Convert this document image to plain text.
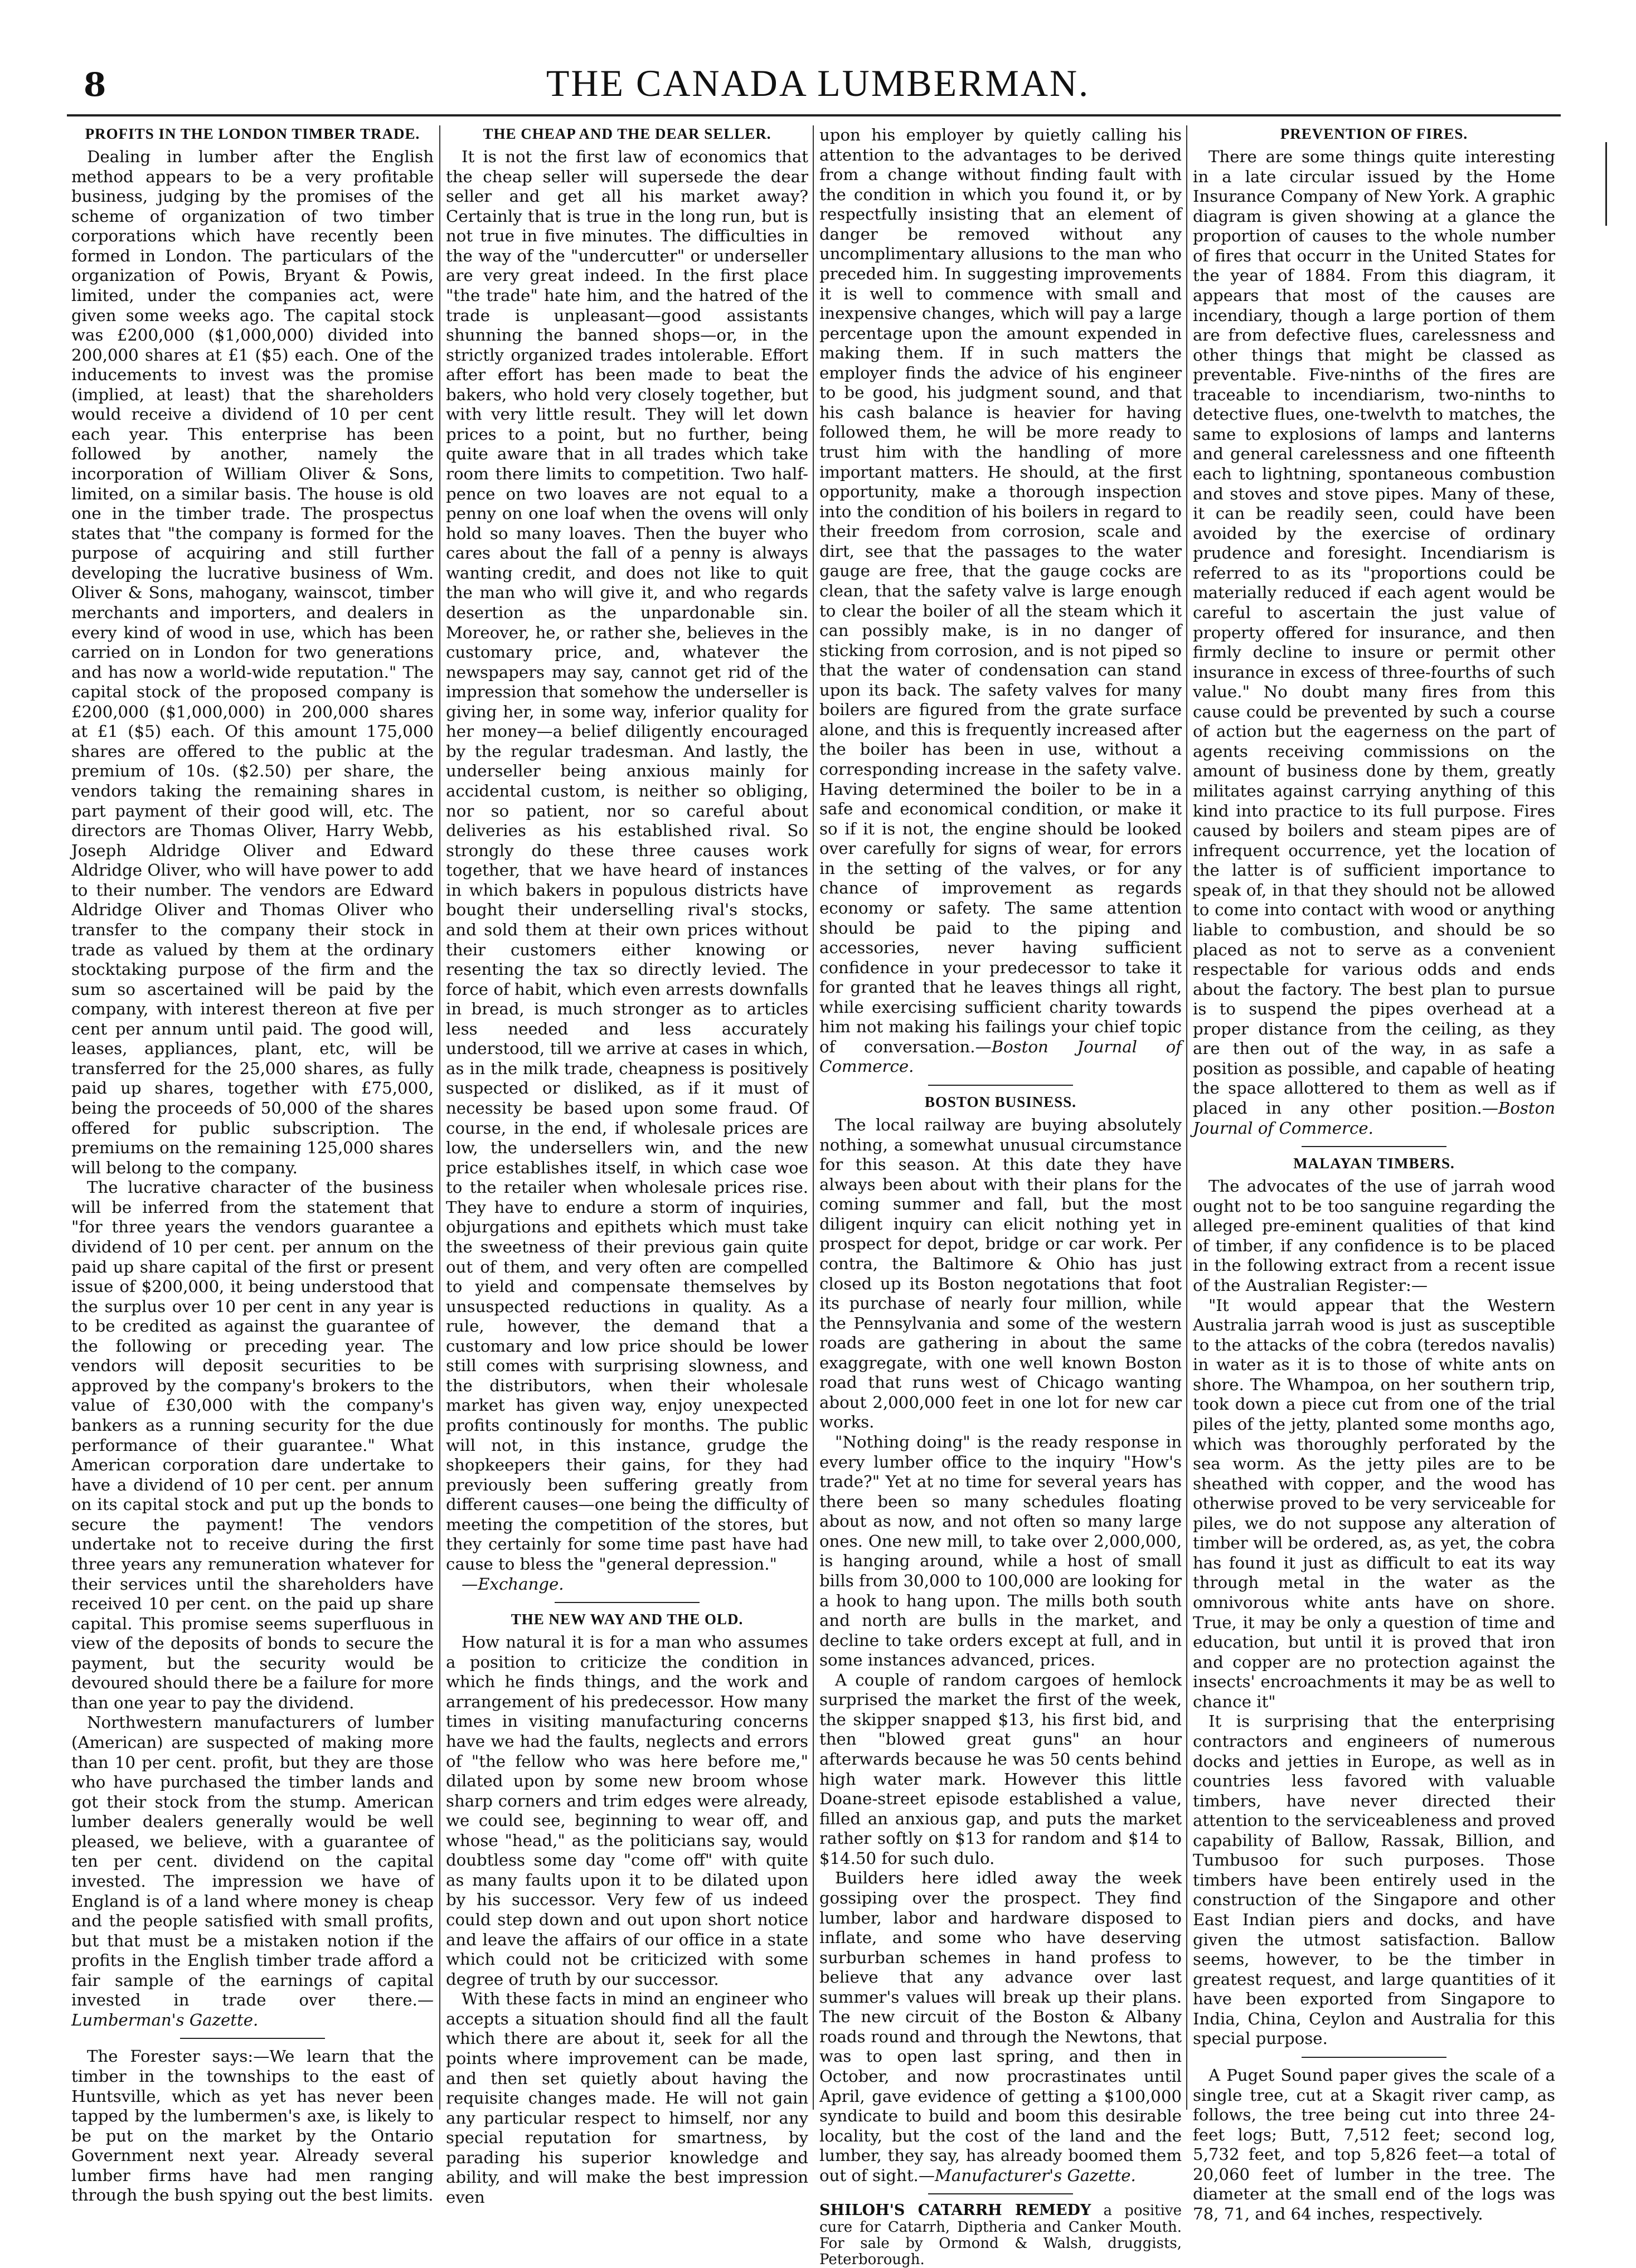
8	THE CANADA LUMBERMAN.
PROFITS IN THE LONDON TIMBER TRADE.

Dealing in lumber after the English method appears to be a very profitable business, judging by the promises of the scheme of organization of two timber corporations which have recently been formed in London. The particulars of the organization of Powis, Bryant & Powis, limited, under the companies act, were given some weeks ago. The capital stock was £200,000 ($1,000,000) divided into 200,000 shares at £1 ($5) each. One of the inducements to invest was the promise (implied, at least) that the shareholders would receive a dividend of 10 per cent each year. This enterprise has been followed by another, namely the incorporation of William Oliver & Sons, limited, on a similar basis. The house is old one in the timber trade. The prospectus states that "the company is formed for the purpose of acquiring and still further developing the lucrative business of Wm. Oliver & Sons, mahogany, wainscot, timber merchants and importers, and dealers in every kind of wood in use, which has been carried on in London for two generations and has now a world-wide reputation." The capital stock of the proposed company is £200,000 ($1,000,000) in 200,000 shares at £1 ($5) each. Of this amount 175,000 shares are offered to the public at the premium of 10s. ($2.50) per share, the vendors taking the remaining shares in part payment of their good will, etc. The directors are Thomas Oliver, Harry Webb, Joseph Aldridge Oliver and Edward Aldridge Oliver, who will have power to add to their number. The vendors are Edward Aldridge Oliver and Thomas Oliver who transfer to the company their stock in trade as valued by them at the ordinary stocktaking purpose of the firm and the sum so ascertained will be paid by the company, with interest thereon at five per cent per annum until paid. The good will, leases, appliances, plant, etc, will be transferred for the 25,000 shares, as fully paid up shares, together with £75,000, being the proceeds of 50,000 of the shares offered for public subscription. The premiums on the remaining 125,000 shares will belong to the company.

The lucrative character of the business will be inferred from the statement that "for three years the vendors guarantee a dividend of 10 per cent. per annum on the paid up share capital of the first or present issue of $200,000, it being understood that the surplus over 10 per cent in any year is to be credited as against the guarantee of the following or preceding year. The vendors will deposit securities to be approved by the company's brokers to the value of £30,000 with the company's bankers as a running security for the due performance of their guarantee." What American corporation dare undertake to have a dividend of 10 per cent. per annum on its capital stock and put up the bonds to secure the payment! The vendors undertake not to receive during the first three years any remuneration whatever for their services until the shareholders have received 10 per cent. on the paid up share capital. This promise seems superfluous in view of the deposits of bonds to secure the payment, but the security would be devoured should there be a failure for more than one year to pay the dividend.

Northwestern manufacturers of lumber (American) are suspected of making more than 10 per cent. profit, but they are those who have purchased the timber lands and got their stock from the stump. American lumber dealers generally would be well pleased, we believe, with a guarantee of ten per cent. dividend on the capital invested. The impression we have of England is of a land where money is cheap and the people satisfied with small profits, but that must be a mistaken notion if the profits in the English timber trade afford a fair sample of the earnings of capital invested in trade over there.—Lumberman's Gazette.

The Forester says:—We learn that the timber in the townships to the east of Huntsville, which as yet has never been tapped by the lumbermen's axe, is likely to be put on the market by the Ontario Government next year. Already several lumber firms have had men ranging through the bush spying out the best limits.

THE CHEAP AND THE DEAR SELLER.

It is not the first law of economics that the cheap seller will supersede the dear seller and get all his market away? Certainly that is true in the long run, but is not true in five minutes. The difficulties in the way of the "undercutter" or underseller are very great indeed. In the first place "the trade" hate him, and the hatred of the trade is unpleasant—good assistants shunning the banned shops—or, in the strictly organized trades intolerable. Effort after effort has been made to beat the bakers, who hold very closely together, but with very little result. They will let down prices to a point, but no further, being quite aware that in all trades which take room there limits to competition. Two half-pence on two loaves are not equal to a penny on one loaf when the ovens will only hold so many loaves. Then the buyer who cares about the fall of a penny is always wanting credit, and does not like to quit the man who will give it, and who regards desertion as the unpardonable sin. Moreover, he, or rather she, believes in the customary price, and, whatever the newspapers may say, cannot get rid of the impression that somehow the underseller is giving her, in some way, inferior quality for her money—a belief diligently encouraged by the regular tradesman. And lastly, the underseller being anxious mainly for accidental custom, is neither so obliging, nor so patient, nor so careful about deliveries as his established rival. So strongly do these three causes work together, that we have heard of instances in which bakers in populous districts have bought their underselling rival's stocks, and sold them at their own prices without their customers either knowing or resenting the tax so directly levied. The force of habit, which even arrests downfalls in bread, is much stronger as to articles less needed and less accurately understood, till we arrive at cases in which, as in the milk trade, cheapness is positively suspected or disliked, as if it must of necessity be based upon some fraud. Of course, in the end, if wholesale prices are low, the undersellers win, and the new price establishes itself, in which case woe to the retailer when wholesale prices rise. They have to endure a storm of inquiries, objurgations and epithets which must take the sweetness of their previous gain quite out of them, and very often are compelled to yield and compensate themselves by unsuspected reductions in quality. As a rule, however, the demand that a customary and low price should be lower still comes with surprising slowness, and the distributors, when their wholesale market has given way, enjoy unexpected profits continously for months. The public will not, in this instance, grudge the shopkeepers their gains, for they had previously been suffering greatly from different causes—one being the difficulty of meeting the competition of the stores, but they certainly for some time past have had cause to bless the "general depression."

—Exchange.

THE NEW WAY AND THE OLD.

How natural it is for a man who assumes a position to criticize the condition in which he finds things, and the work and arrangement of his predecessor. How many times in visiting manufacturing concerns have we had the faults, neglects and errors of "the fellow who was here before me," dilated upon by some new broom whose sharp corners and trim edges were already, we could see, beginning to wear off, and whose "head," as the politicians say, would doubtless some day "come off" with quite as many faults upon it to be dilated upon by his successor. Very few of us indeed could step down and out upon short notice and leave the affairs of our office in a state which could not be criticized with some degree of truth by our successor.

With these facts in mind an engineer who accepts a situation should find all the fault which there are about it, seek for all the points where improvement can be made, and then set quietly about having the requisite changes made. He will not gain any particular respect to himself, nor any special reputation for smartness, by parading his superior knowledge and ability, and will make the best impression even

upon his employer by quietly calling his attention to the advantages to be derived from a change without finding fault with the condition in which you found it, or by respectfully insisting that an element of danger be removed without any uncomplimentary allusions to the man who preceded him. In suggesting improvements it is well to commence with small and inexpensive changes, which will pay a large percentage upon the amount expended in making them. If in such matters the employer finds the advice of his engineer to be good, his judgment sound, and that his cash balance is heavier for having followed them, he will be more ready to trust him with the handling of more important matters. He should, at the first opportunity, make a thorough inspection into the condition of his boilers in regard to their freedom from corrosion, scale and dirt, see that the passages to the water gauge are free, that the gauge cocks are clean, that the safety valve is large enough to clear the boiler of all the steam which it can possibly make, is in no danger of sticking from corrosion, and is not piped so that the water of condensation can stand upon its back. The safety valves for many boilers are figured from the grate surface alone, and this is frequently increased after the boiler has been in use, without a corresponding increase in the safety valve. Having determined the boiler to be in a safe and economical condition, or make it so if it is not, the engine should be looked over carefully for signs of wear, for errors in the setting of the valves, or for any chance of improvement as regards economy or safety. The same attention should be paid to the piping and accessories, never having sufficient confidence in your predecessor to take it for granted that he leaves things all right, while exercising sufficient charity towards him not making his failings your chief topic of conversation.—Boston Journal of Commerce.

BOSTON BUSINESS.

The local railway are buying absolutely nothing, a somewhat unusual circumstance for this season. At this date they have always been about with their plans for the coming summer and fall, but the most diligent inquiry can elicit nothing yet in prospect for depot, bridge or car work. Per contra, the Baltimore & Ohio has just closed up its Boston negotations that foot its purchase of nearly four million, while the Pennsylvania and some of the western roads are gathering in about the same exaggregate, with one well known Boston road that runs west of Chicago wanting about 2,000,000 feet in one lot for new car works.

"Nothing doing" is the ready response in every lumber office to the inquiry "How's trade?" Yet at no time for several years has there been so many schedules floating about as now, and not often so many large ones. One new mill, to take over 2,000,000, is hanging around, while a host of small bills from 30,000 to 100,000 are looking for a hook to hang upon. The mills both south and north are bulls in the market, and decline to take orders except at full, and in some instances advanced, prices.

A couple of random cargoes of hemlock surprised the market the first of the week, the skipper snapped $13, his first bid, and then "blowed great guns" an hour afterwards because he was 50 cents behind high water mark. However this little Doane-street episode established a value, filled an anxious gap, and puts the market rather softly on $13 for random and $14 to $14.50 for such dulo.

Builders here idled away the week gossiping over the prospect. They find lumber, labor and hardware disposed to inflate, and some who have deserving surburban schemes in hand profess to believe that any advance over last summer's values will break up their plans. The new circuit of the Boston & Albany roads round and through the Newtons, that was to open last spring, and then in October, and now procrastinates until April, gave evidence of getting a $100,000 syndicate to build and boom this desirable locality, but the cost of the land and the lumber, they say, has already boomed them out of sight.—Manufacturer's Gazette.

SHILOH'S CATARRH REMEDY a positive cure for Catarrh, Diptheria and Canker Mouth. For sale by Ormond & Walsh, druggists, Peterborough.

PREVENTION OF FIRES.

There are some things quite interesting in a late circular issued by the Home Insurance Company of New York. A graphic diagram is given showing at a glance the proportion of causes to the whole number of fires that occurr in the United States for the year of 1884. From this diagram, it appears that most of the causes are incendiary, though a large portion of them are from defective flues, carelessness and other things that might be classed as preventable. Five-ninths of the fires are traceable to incendiarism, two-ninths to detective flues, one-twelvth to matches, the same to explosions of lamps and lanterns and general carelessness and one fifteenth each to lightning, spontaneous combustion and stoves and stove pipes. Many of these, it can be readily seen, could have been avoided by the exercise of ordinary prudence and foresight. Incendiarism is referred to as its "proportions could be materially reduced if each agent would be careful to ascertain the just value of property offered for insurance, and then firmly decline to insure or permit other insurance in excess of three-fourths of such value." No doubt many fires from this cause could be prevented by such a course of action but the eagerness on the part of agents receiving commissions on the amount of business done by them, greatly militates against carrying anything of this kind into practice to its full purpose. Fires caused by boilers and steam pipes are of infrequent occurrence, yet the location of the latter is of sufficient importance to speak of, in that they should not be allowed to come into contact with wood or anything liable to combustion, and should be so placed as not to serve as a convenient respectable for various odds and ends about the factory. The best plan to pursue is to suspend the pipes overhead at a proper distance from the ceiling, as they are then out of the way, in as safe a position as possible, and capable of heating the space allottered to them as well as if placed in any other position.—Boston Journal of Commerce.

MALAYAN TIMBERS.

The advocates of the use of jarrah wood ought not to be too sanguine regarding the alleged pre-eminent qualities of that kind of timber, if any confidence is to be placed in the following extract from a recent issue of the Australian Register:—

"It would appear that the Western Australia jarrah wood is just as susceptible to the attacks of the cobra (teredos navalis) in water as it is to those of white ants on shore. The Whampoa, on her southern trip, took down a piece cut from one of the trial piles of the jetty, planted some months ago, which was thoroughly perforated by the sea worm. As the jetty piles are to be sheathed with copper, and the wood has otherwise proved to be very serviceable for piles, we do not suppose any alteration of timber will be ordered, as, as yet, the cobra has found it just as difficult to eat its way through metal in the water as the omnivorous white ants have on shore. True, it may be only a question of time and education, but until it is proved that iron and copper are no protection against the insects' encroachments it may be as well to chance it"

It is surprising that the enterprising contractors and engineers of numerous docks and jetties in Europe, as well as in countries less favored with valuable timbers, have never directed their attention to the serviceableness and proved capability of Ballow, Rassak, Billion, and Tumbusoo for such purposes. Those timbers have been entirely used in the construction of the Singapore and other East Indian piers and docks, and have given the utmost satisfaction. Ballow seems, however, to be the timber in greatest request, and large quantities of it have been exported from Singapore to India, China, Ceylon and Australia for this special purpose.

A Puget Sound paper gives the scale of a single tree, cut at a Skagit river camp, as follows, the tree being cut into three 24-feet logs; Butt, 7,512 feet; second log, 5,732 feet, and top 5,826 feet—a total of 20,060 feet of lumber in the tree. The diameter at the small end of the logs was 78, 71, and 64 inches, respectively.
